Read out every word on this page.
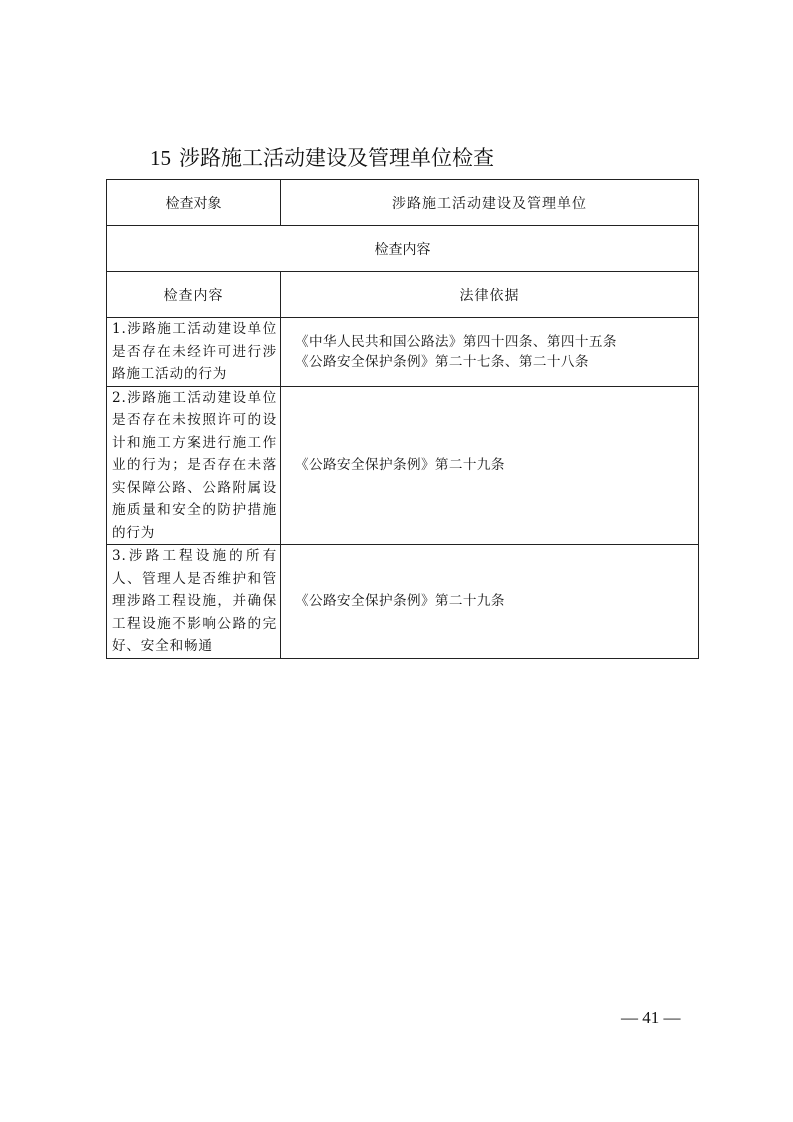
15 涉路施工活动建设及管理单位检查
检查对象	涉路施工活动建设及管理单位
检查内容	
检查内容	法律依据
1.涉路施工活动建设单位是否存在未经许可进行涉路施工活动的行为	《中华人民共和国公路法》第四十四条、第四十五条
《公路安全保护条例》第二十七条、第二十八条

2.涉路施工活动建设单位是否存在未按照许可的设计和施工方案进行施工作业的行为；是否存在未落实保障公路、公路附属设施质量和安全的防护措施的行为	《公路安全保护条例》第二十九条

3.涉路工程设施的所有人、管理人是否维护和管理涉路工程设施，并确保工程设施不影响公路的完好、安全和畅通	《公路安全保护条例》第二十九条
— 41 —
